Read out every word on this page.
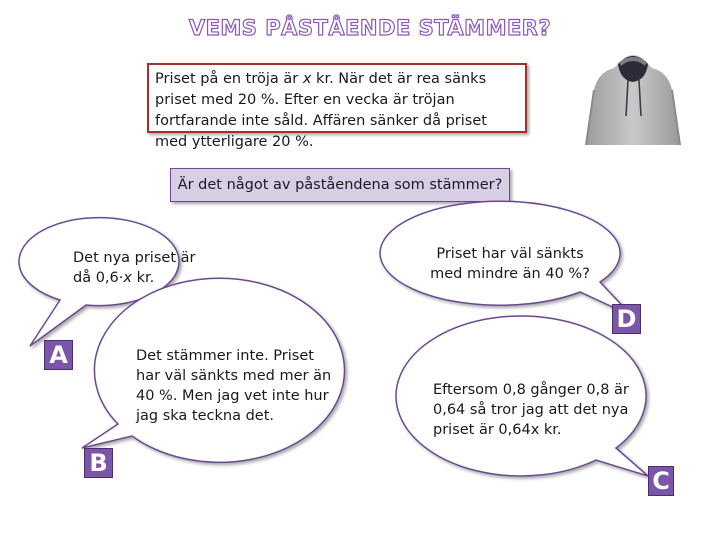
VEMS PÅSTÅENDE STÄMMER?
Priset på en tröja är x kr. När det är rea sänks priset med 20 %. Efter en vecka är tröjan fortfarande inte såld. Affären sänker då priset med ytterligare 20 %.
Är det något av påståendena som stämmer?
Det nya priset är då 0,6·x kr.
Priset har väl sänkts med mindre än 40 %?
Det stämmer inte. Priset har väl sänkts med mer än 40 %. Men jag vet inte hur jag ska teckna det.
Eftersom 0,8 gånger 0,8 är 0,64 så tror jag att det nya priset är 0,64x kr.
A
D
B
C
